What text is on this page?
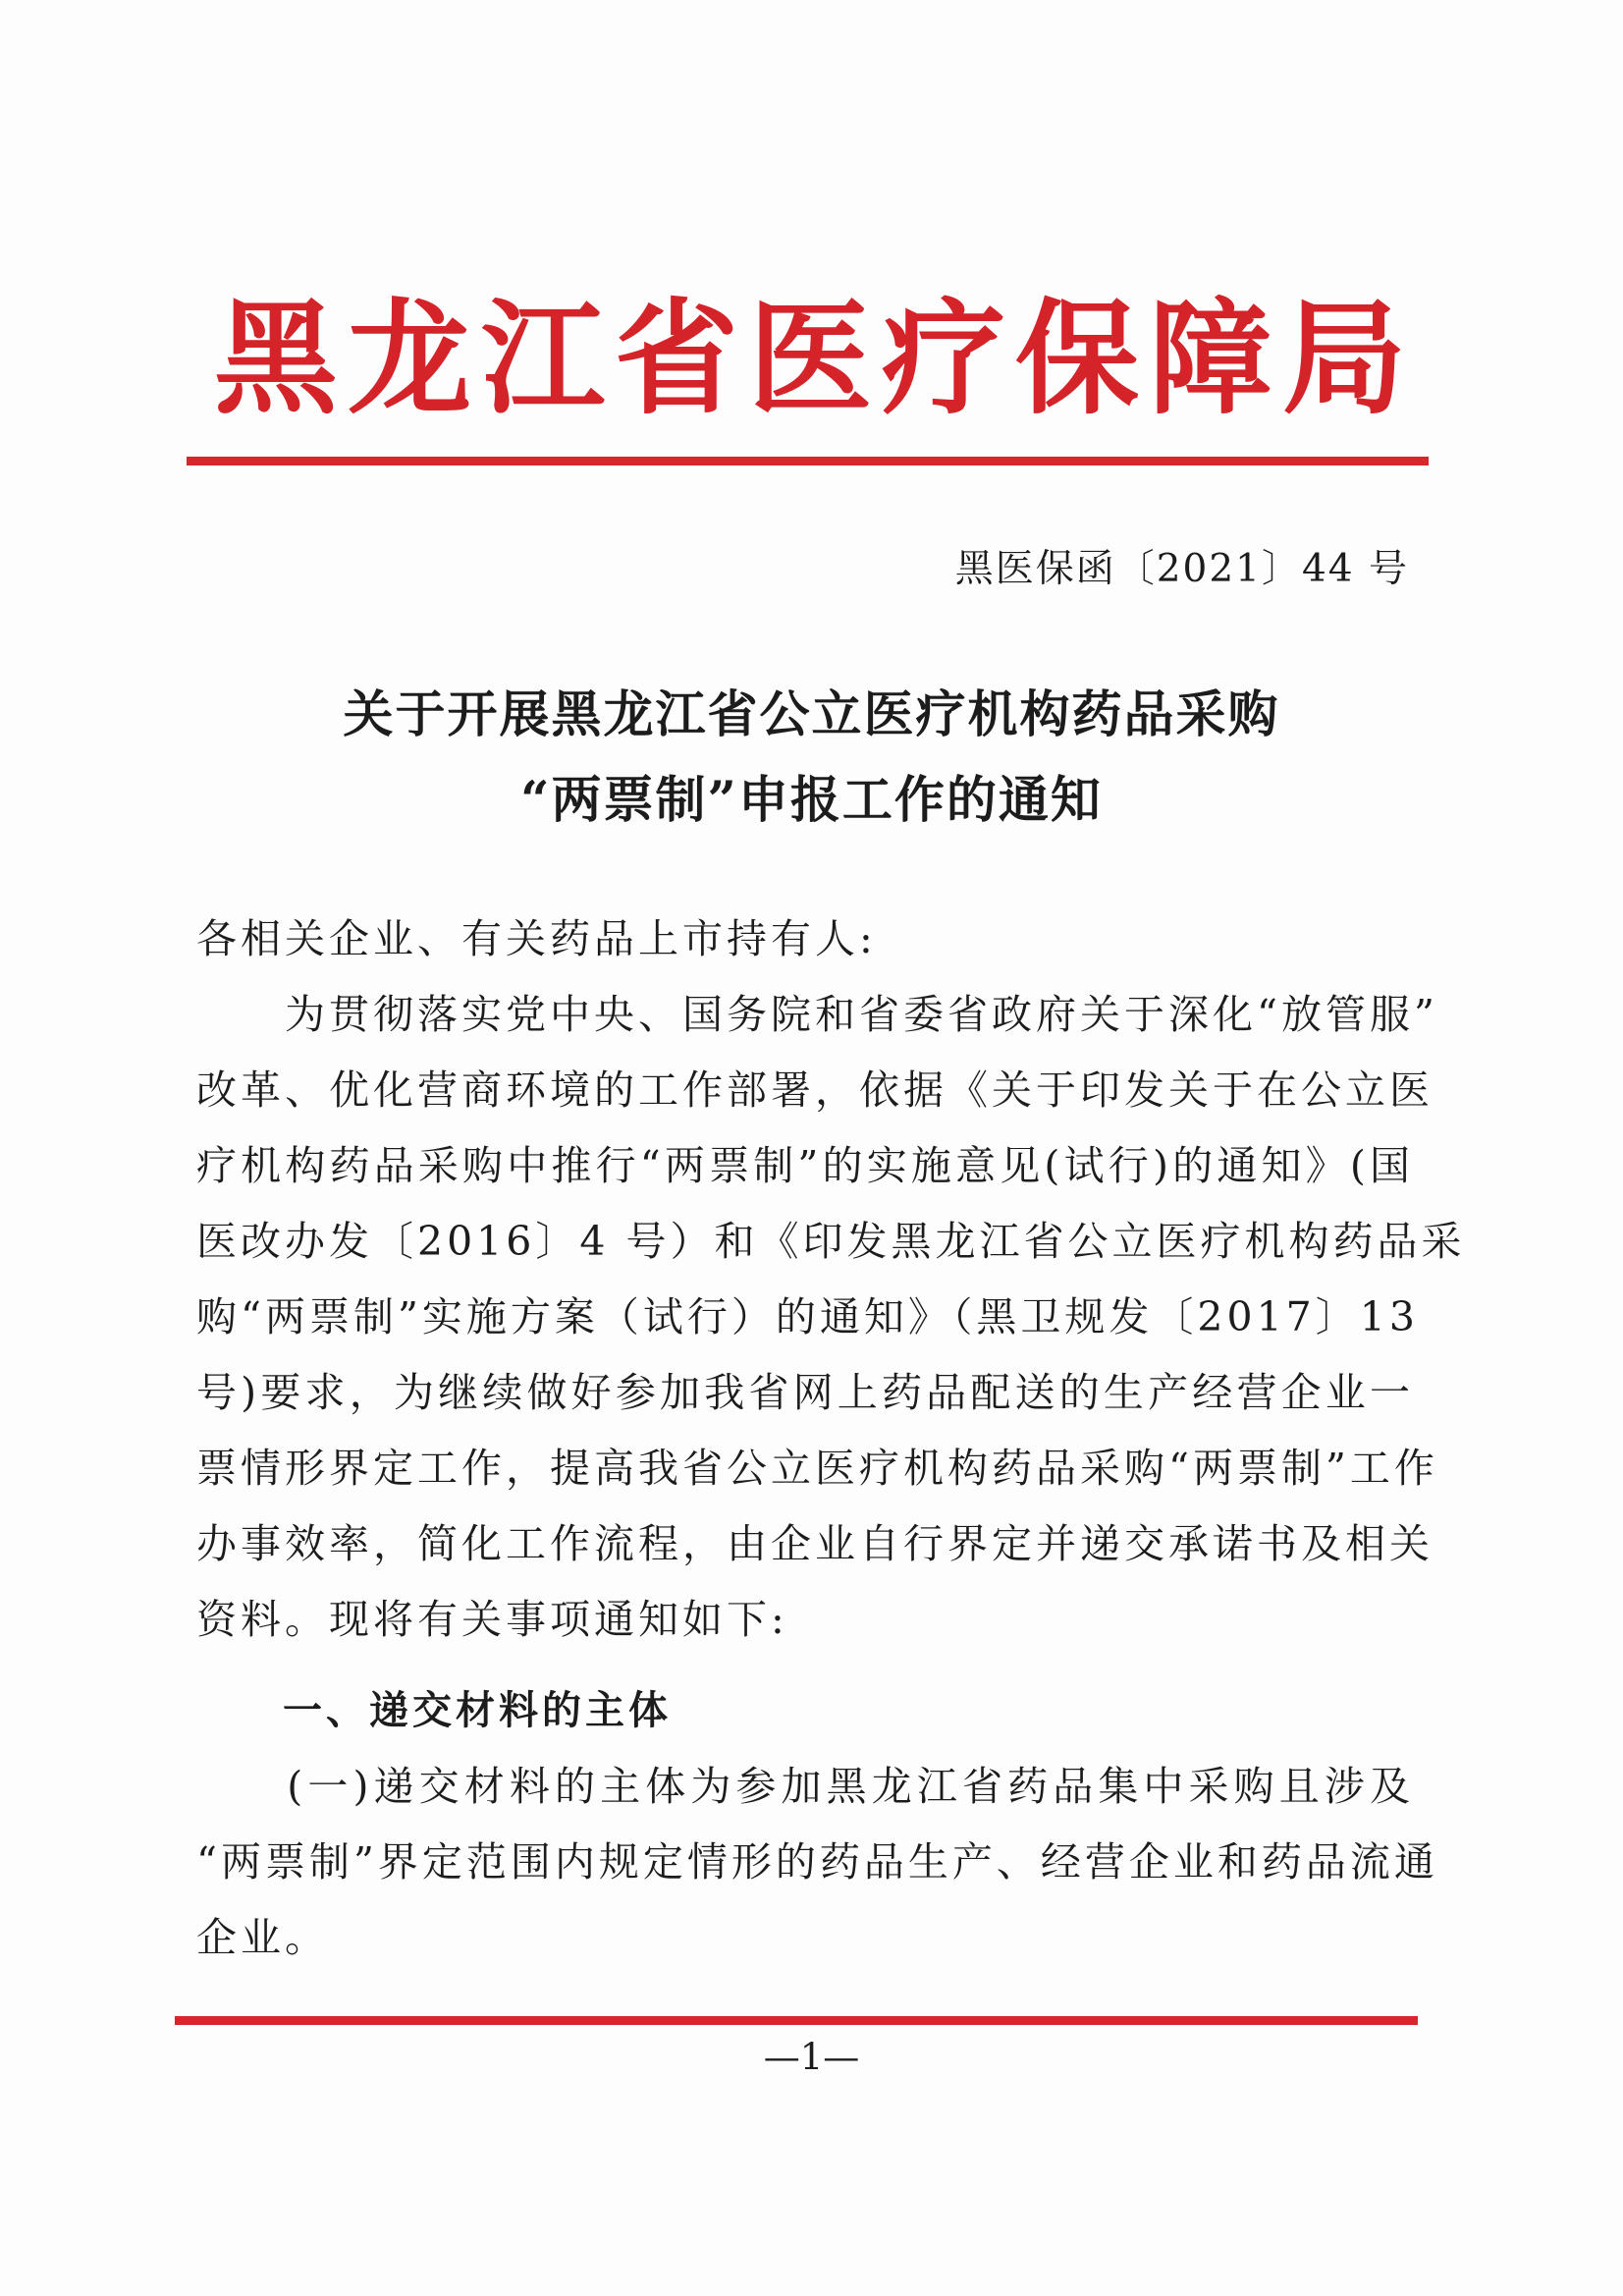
黑龙江省医疗保障局
黑医保函〔2021〕44 号
关于开展黑龙江省公立医疗机构药品采购
“两票制”申报工作的通知
各相关企业、有关药品上市持有人:
　　为贯彻落实党中央、国务院和省委省政府关于深化“放管服”
改革、优化营商环境的工作部署，依据《关于印发关于在公立医
疗机构药品采购中推行“两票制”的实施意见(试行)的通知》(国
医改办发〔2016〕4 号）和《印发黑龙江省公立医疗机构药品采
购“两票制”实施方案（试行）的通知》（黑卫规发〔2017〕13
号)要求，为继续做好参加我省网上药品配送的生产经营企业一
票情形界定工作，提高我省公立医疗机构药品采购“两票制”工作
办事效率，简化工作流程，由企业自行界定并递交承诺书及相关
资料。现将有关事项通知如下:
一、递交材料的主体
　　(一)递交材料的主体为参加黑龙江省药品集中采购且涉及
“两票制”界定范围内规定情形的药品生产、经营企业和药品流通
企业。
—1—
